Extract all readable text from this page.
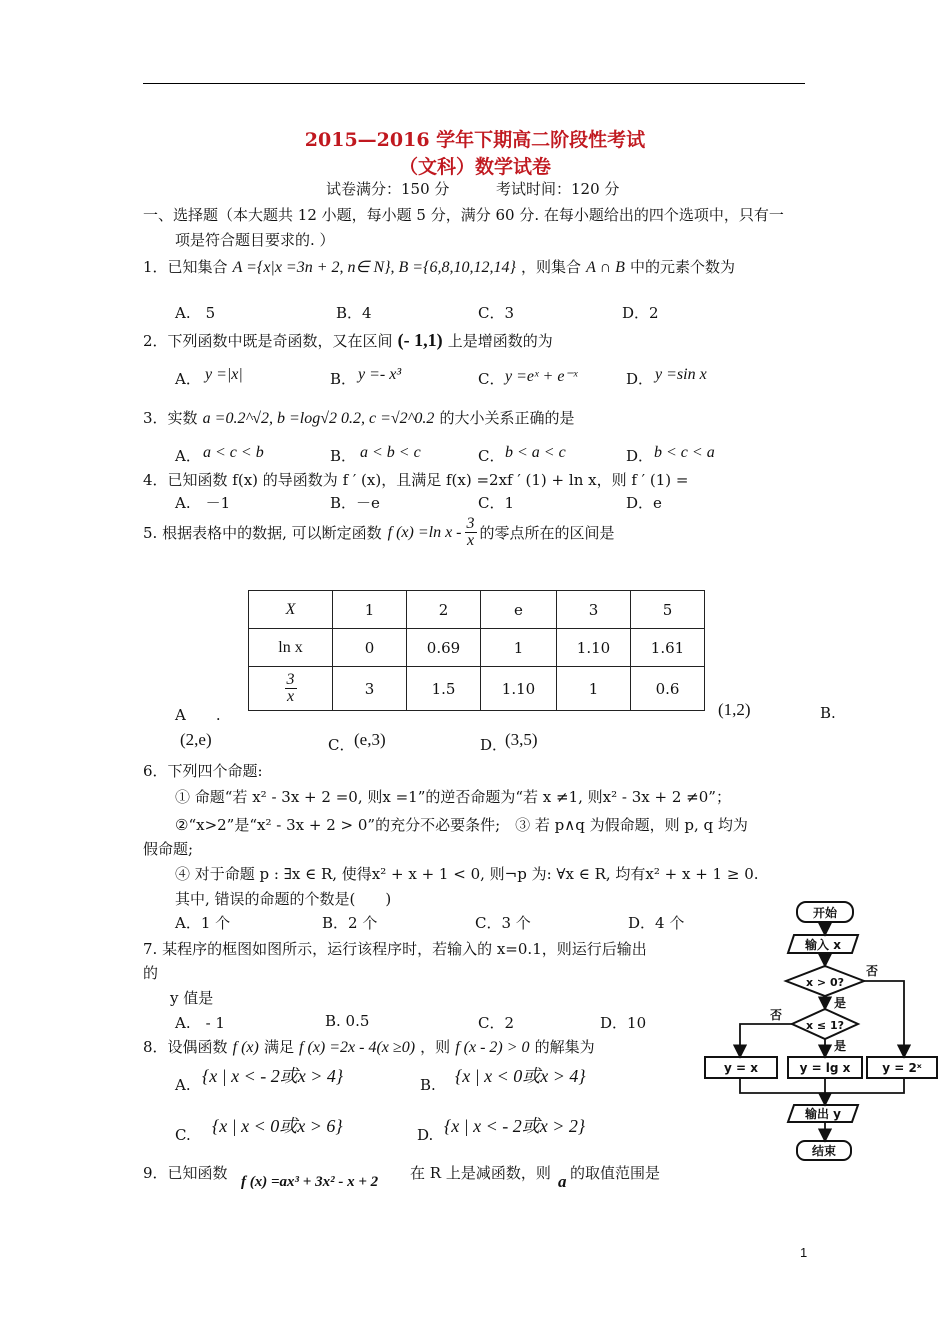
2015—2016 学年下期高二阶段性考试
（文科）数学试卷
试卷满分：150 分	考试时间：120 分
一、选择题（本大题共 12 小题，每小题 5 分，满分 60 分. 在每小题给出的四个选项中，只有一
项是符合题目要求的. ）
1．已知集合 A ={x|x =3n + 2, n∈ N}, B ={6,8,10,12,14} ，则集合 A ∩ B 中的元素个数为
A.　5	B．4	C．3	D．2
2．下列函数中既是奇函数，又在区间 (- 1,1) 上是增函数的为
A． y =|x|	B． y =- x³	C． y =eˣ + e⁻ˣ	D． y =sin x
3．实数 a =0.2^√2, b =log√2 0.2, c =√2^0.2 的大小关系正确的是
A． a < c < b	B． a < b < c	C． b < a < c	D． b < c < a
4．已知函数 f(x) 的导函数为 f ′ (x)，且满足 f(x) =2xf ′ (1) + ln x，则 f ′ (1) =
A.　－1	B．－e	C．1	D．e
5. 根据表格中的数据, 可以断定函数 f (x) =ln x - $\frac{3}{x}$ 的零点所在的区间是
X	1	2	e	3	5
ln x	0	0.69	1	1.10	1.61

$\frac{3}{x}$	3	1.5	1.10	1	0.6
A　　.	(1,2)	B.
(2,e)	C． (e,3)	D．
(3,5)
6．下列四个命题:
① 命题“若 x² - 3x + 2 =0, 则x =1”的逆否命题为“若 x ≠1, 则x² - 3x + 2 ≠0”；
②“x>2”是“x² - 3x + 2 > 0”的充分不必要条件;　③ 若 p∧q 为假命题，则 p, q 均为
假命题;
④ 对于命题 p : ∃x ∈ R, 使得x² + x + 1 < 0, 则¬p 为: ∀x ∈ R, 均有x² + x + 1 ≥ 0.
其中, 错误的命题的个数是(　　)
A．1 个	B．2 个	C．3 个	D．4 个
7. 某程序的框图如图所示，运行该程序时，若输入的 x=0.1，则运行后输出
的
y 值是
A.　- 1	B. 0.5	C．2	D．10
8．设偶函数 f (x) 满足 f (x) =2x - 4(x ≥0) ，则 f (x - 2) > 0 的解集为
A. {x | x < - 2或x > 4}	B. {x | x < 0或x > 4}
C. {x | x < 0或x > 6}	D. {x | x < - 2或x > 2}
9．已知函数 f (x) =ax³ + 3x² - x + 2 在 R 上是减函数，则 a 的取值范围是
开始
输入 x
x > 0?
否
是
x ≤ 1?
否
是
y = x	y = lg x	y = 2ˣ
输出 y
结束
1
